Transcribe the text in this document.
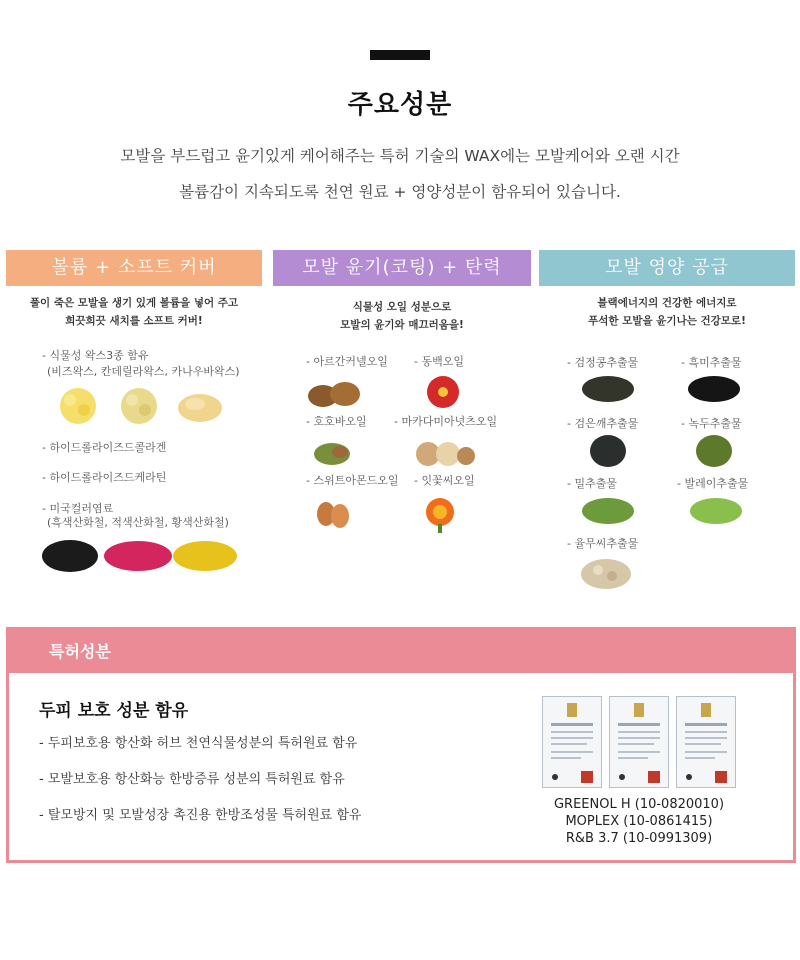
주요성분
모발을 부드럽고 윤기있게 케어해주는 특허 기술의 WAX에는 모발케어와 오랜 시간
볼륨감이 지속되도록 천연 원료 + 영양성분이 함유되어 있습니다.
볼륨 + 소프트 커버
풀이 죽은 모발을 생기 있게 볼륨을 넣어 주고
희끗희끗 새치를 소프트 커버!
- 식물성 왁스3종 함유
(비즈왁스, 칸데릴라왁스, 카나우바왁스)
- 하이드롤라이즈드콜라겐
- 하이드롤라이즈드케라틴
- 미국컬러염료
(흑색산화철, 적색산화철, 황색산화철)
모발 윤기(코팅) + 탄력
식물성 오일 성분으로
모발의 윤기와 매끄러움을!
- 아르간커넬오일 - 동백오일
- 호호바오일 - 마카다미아넛츠오일
- 스위트아몬드오일 - 잇꽃씨오일
모발 영양 공급
블랙에너지의 건강한 에너지로
푸석한 모발을 윤기나는 건강모로!
- 검정콩추출물	- 흑미추출물
- 검은깨추출물	- 녹두추출물
- 밀추출물	- 발레이추출물
- 율무씨추출물
특허성분
두피 보호 성분 함유
- 두피보호용 항산화 허브 천연식물성분의 특허원료 함유
- 모발보호용 항산화능 한방증류 성분의 특허원료 함유
- 탈모방지 및 모발성장 촉진용 한방조성물 특허원료 함유
GREENOL H (10-0820010)
MOPLEX (10-0861415)
R&B 3.7 (10-0991309)
